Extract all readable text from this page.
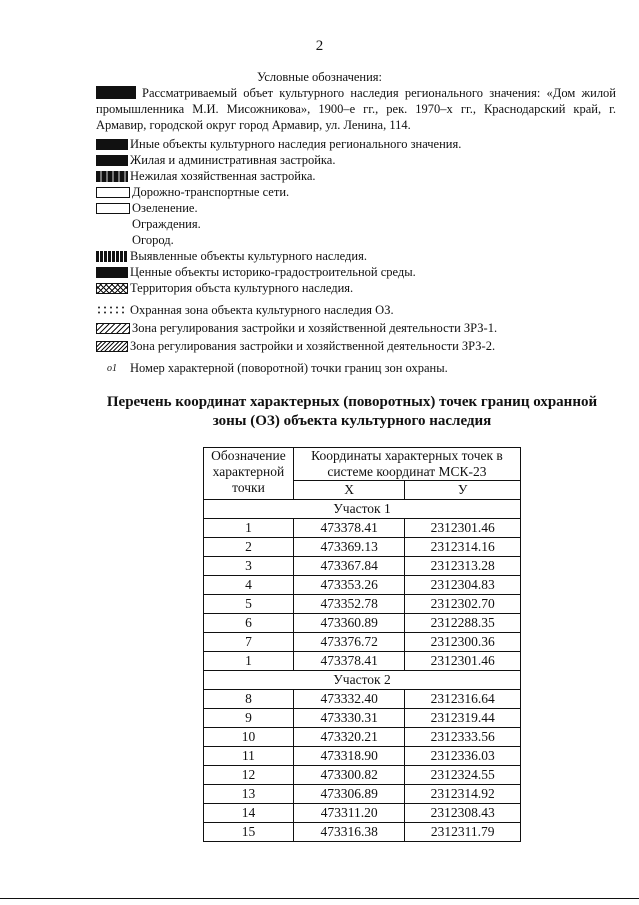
2
Условные обозначения:
Рассматриваемый объет культурного наследия регионального значения: «Дом жилой промышленника М.И. Мисожникова», 1900–е гг., рек. 1970–х гг., Краснодарский край, г. Армавир, городской округ город Армавир, ул. Ленина, 114.
Иные объекты культурного наследия регионального значения.
Жилая и административная застройка.
Нежилая хозяйственная застройка.
Дорожно-транспортные сети.
Озеленение.
Ограждения.
Огород.
Выявленные объекты культурного наследия.
Ценные объекты историко-градостроительной среды.
Территория объста культурного наследия.
Охранная зона объекта культурного наследия ОЗ.
Зона регулирования застройки и хозяйственной деятельности ЗРЗ-1.
Зона регулирования застройки и хозяйственной деятельности ЗРЗ-2.
о1	Номер характерной (поворотной) точки границ зон охраны.
Перечень координат характерных (поворотных) точек границ охранной зоны (ОЗ) объекта культурного наследия
Обозначение характерной точки	Координаты характерных точек в системе координат МСК-23	
	X	У
Участок 1		
1	473378.41	2312301.46
2	473369.13	2312314.16
3	473367.84	2312313.28
4	473353.26	2312304.83
5	473352.78	2312302.70
6	473360.89	2312288.35
7	473376.72	2312300.36
1	473378.41	2312301.46
Участок 2		
8	473332.40	2312316.64
9	473330.31	2312319.44
10	473320.21	2312333.56
11	473318.90	2312336.03
12	473300.82	2312324.55
13	473306.89	2312314.92
14	473311.20	2312308.43
15	473316.38	2312311.79
